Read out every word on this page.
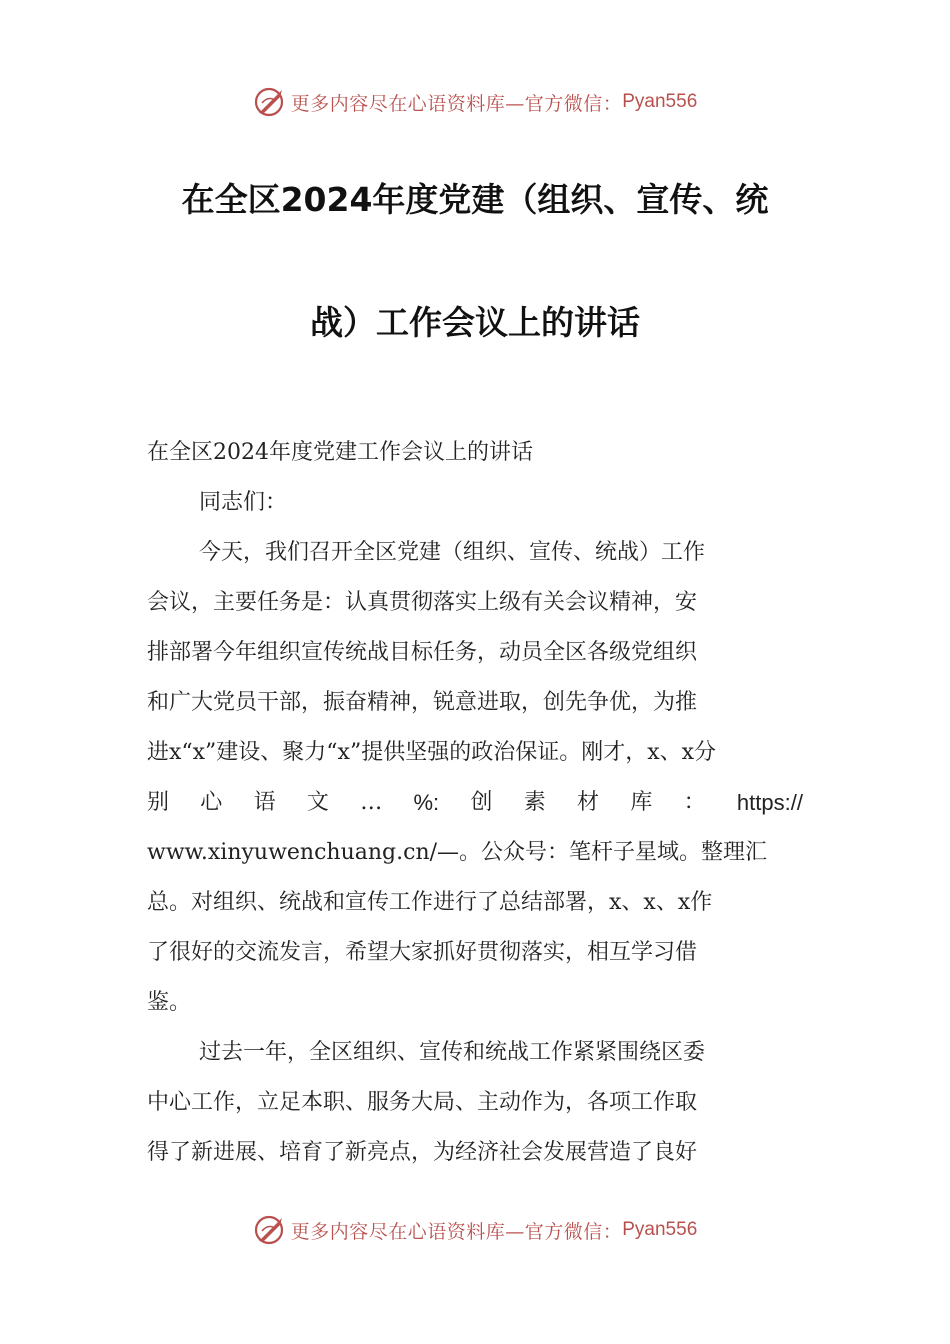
更多内容尽在心语资料库—官方微信： Pyan556
在全区2024年度党建（组织、宣传、统
战）工作会议上的讲话

在全区2024年度党建工作会议上的讲话

同志们：

今天，我们召开全区党建（组织、宣传、统战）工作

会议，主要任务是：认真贯彻落实上级有关会议精神，安

排部署今年组织宣传统战目标任务，动员全区各级党组织

和广大党员干部，振奋精神，锐意进取，创先争优，为推

进x“x”建设、聚力“x”提供坚强的政治保证。刚才，x、x分

别 心 语 文 … %: 创 素 材 库 ： https://

www.xinyuwenchuang.cn/—。公众号：笔杆子星域。整理汇

总。对组织、统战和宣传工作进行了总结部署，x、x、x作

了很好的交流发言，希望大家抓好贯彻落实，相互学习借

鉴。

过去一年，全区组织、宣传和统战工作紧紧围绕区委

中心工作，立足本职、服务大局、主动作为，各项工作取

得了新进展、培育了新亮点，为经济社会发展营造了良好

更多内容尽在心语资料库—官方微信： Pyan556
